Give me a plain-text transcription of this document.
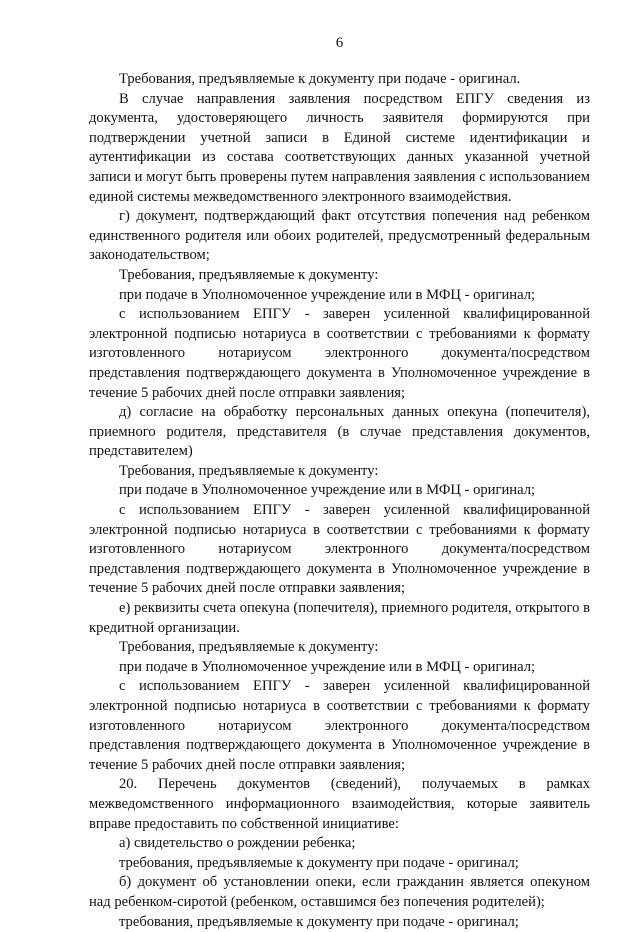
6

Требования, предъявляемые к документу при подаче - оригинал.

В случае направления заявления посредством ЕПГУ сведения из документа, удостоверяющего личность заявителя формируются при подтверждении учетной записи в Единой системе идентификации и аутентификации из состава соответствующих данных указанной учетной записи и могут быть проверены путем направления заявления с использованием единой системы межведомственного электронного взаимодействия.

г) документ, подтверждающий факт отсутствия попечения над ребенком единственного родителя или обоих родителей, предусмотренный федеральным законодательством;

Требования, предъявляемые к документу:

при подаче в Уполномоченное учреждение или в МФЦ - оригинал;

с использованием ЕПГУ - заверен усиленной квалифицированной электронной подписью нотариуса в соответствии с требованиями к формату изготовленного нотариусом электронного документа/посредством представления подтверждающего документа в Уполномоченное учреждение в течение 5 рабочих дней после отправки заявления;

д) согласие на обработку персональных данных опекуна (попечителя), приемного родителя, представителя (в случае представления документов, представителем)

Требования, предъявляемые к документу:

при подаче в Уполномоченное учреждение или в МФЦ - оригинал;

с использованием ЕПГУ - заверен усиленной квалифицированной электронной подписью нотариуса в соответствии с требованиями к формату изготовленного нотариусом электронного документа/посредством представления подтверждающего документа в Уполномоченное учреждение в течение 5 рабочих дней после отправки заявления;

е) реквизиты счета опекуна (попечителя), приемного родителя, открытого в кредитной организации.

Требования, предъявляемые к документу:

при подаче в Уполномоченное учреждение или в МФЦ - оригинал;

с использованием ЕПГУ - заверен усиленной квалифицированной электронной подписью нотариуса в соответствии с требованиями к формату изготовленного нотариусом электронного документа/посредством представления подтверждающего документа в Уполномоченное учреждение в течение 5 рабочих дней после отправки заявления;

20. Перечень документов (сведений), получаемых в рамках межведомственного информационного взаимодействия, которые заявитель вправе предоставить по собственной инициативе:

а) свидетельство о рождении ребенка;

требования, предъявляемые к документу при подаче - оригинал;

б) документ об установлении опеки, если гражданин является опекуном над ребенком-сиротой (ребенком, оставшимся без попечения родителей);

требования, предъявляемые к документу при подаче - оригинал;
